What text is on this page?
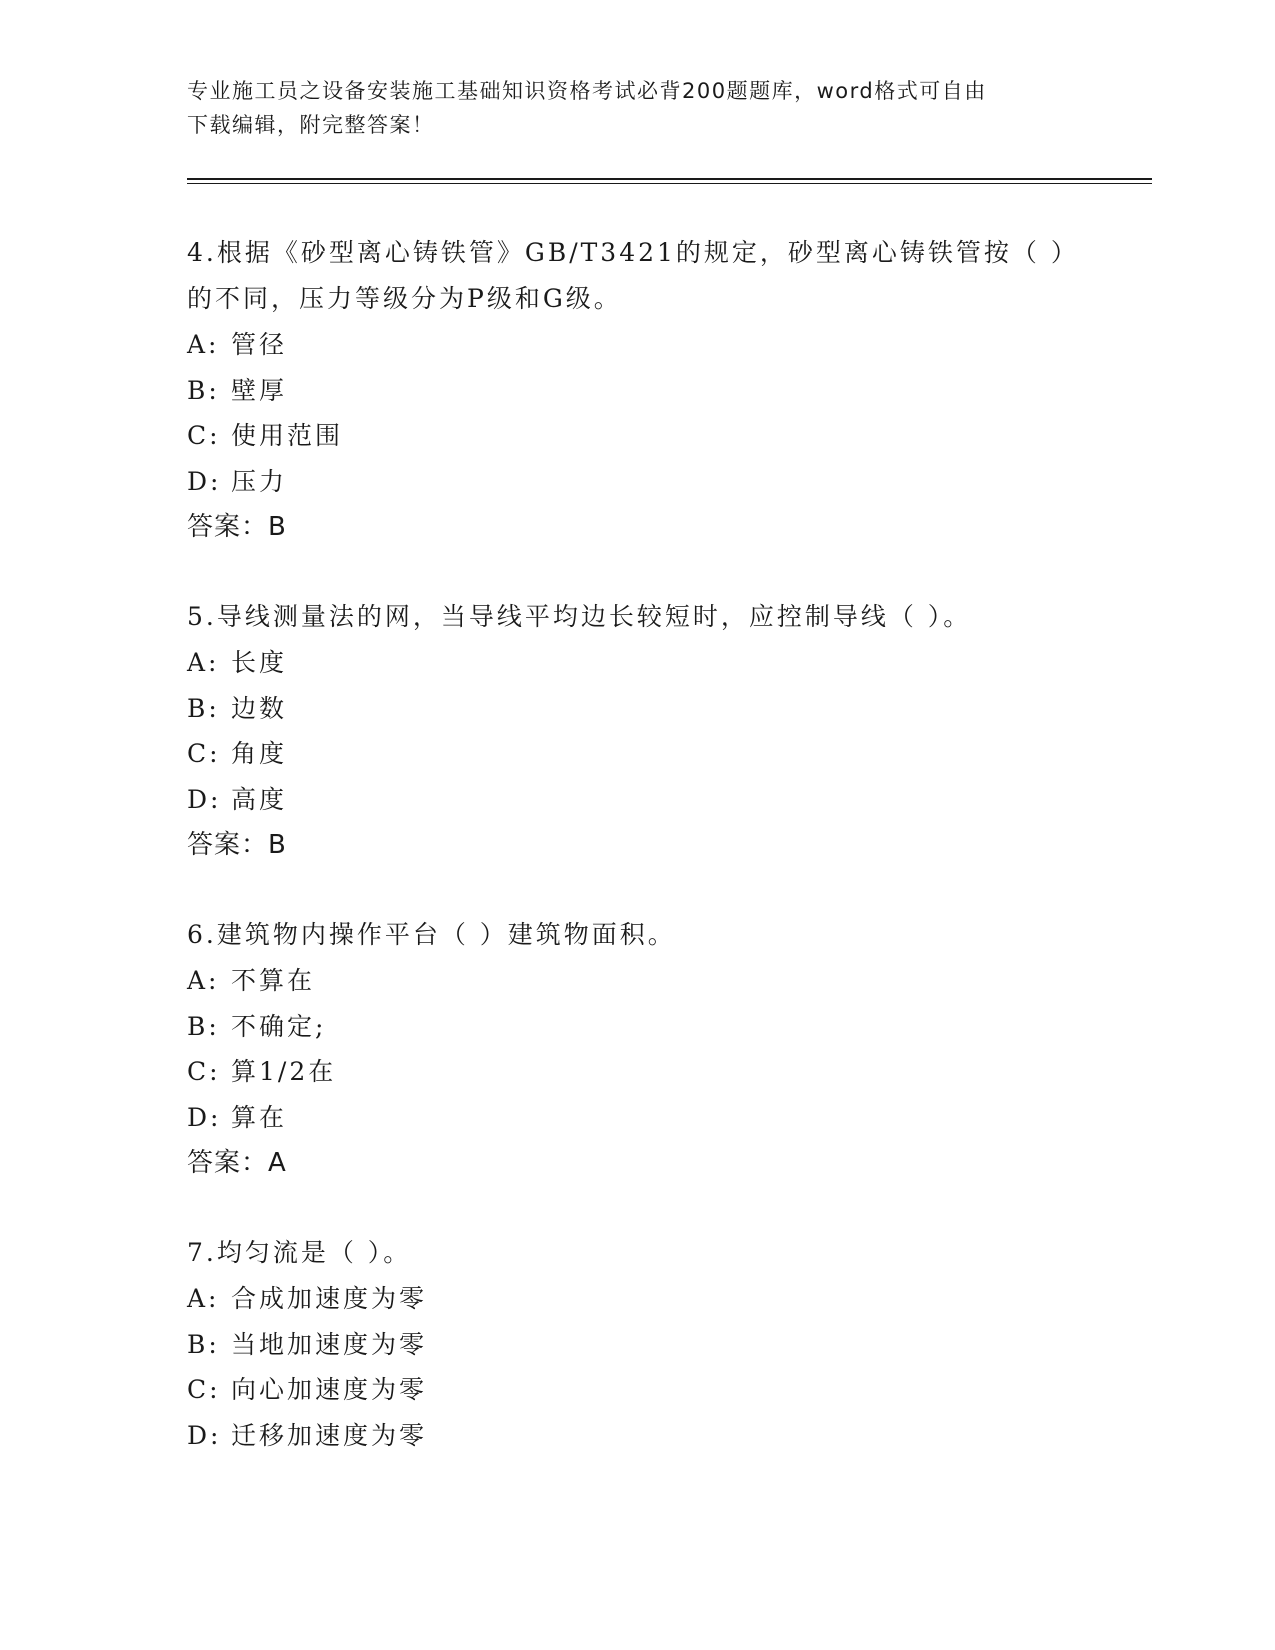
专业施工员之设备安装施工基础知识资格考试必背200题题库，word格式可自由
下载编辑，附完整答案！

4.根据《砂型离心铸铁管》GB/T3421的规定，砂型离心铸铁管按（ ）
的不同，压力等级分为P级和G级。

A: 管径

B: 壁厚

C: 使用范围

D: 压力

答案：B

5.导线测量法的网，当导线平均边长较短时，应控制导线（ ）。

A: 长度

B: 边数

C: 角度

D: 高度

答案：B

6.建筑物内操作平台（ ）建筑物面积。

A: 不算在

B: 不确定;

C: 算1/2在

D: 算在

答案：A

7.均匀流是（ ）。

A: 合成加速度为零

B: 当地加速度为零

C: 向心加速度为零

D: 迁移加速度为零
